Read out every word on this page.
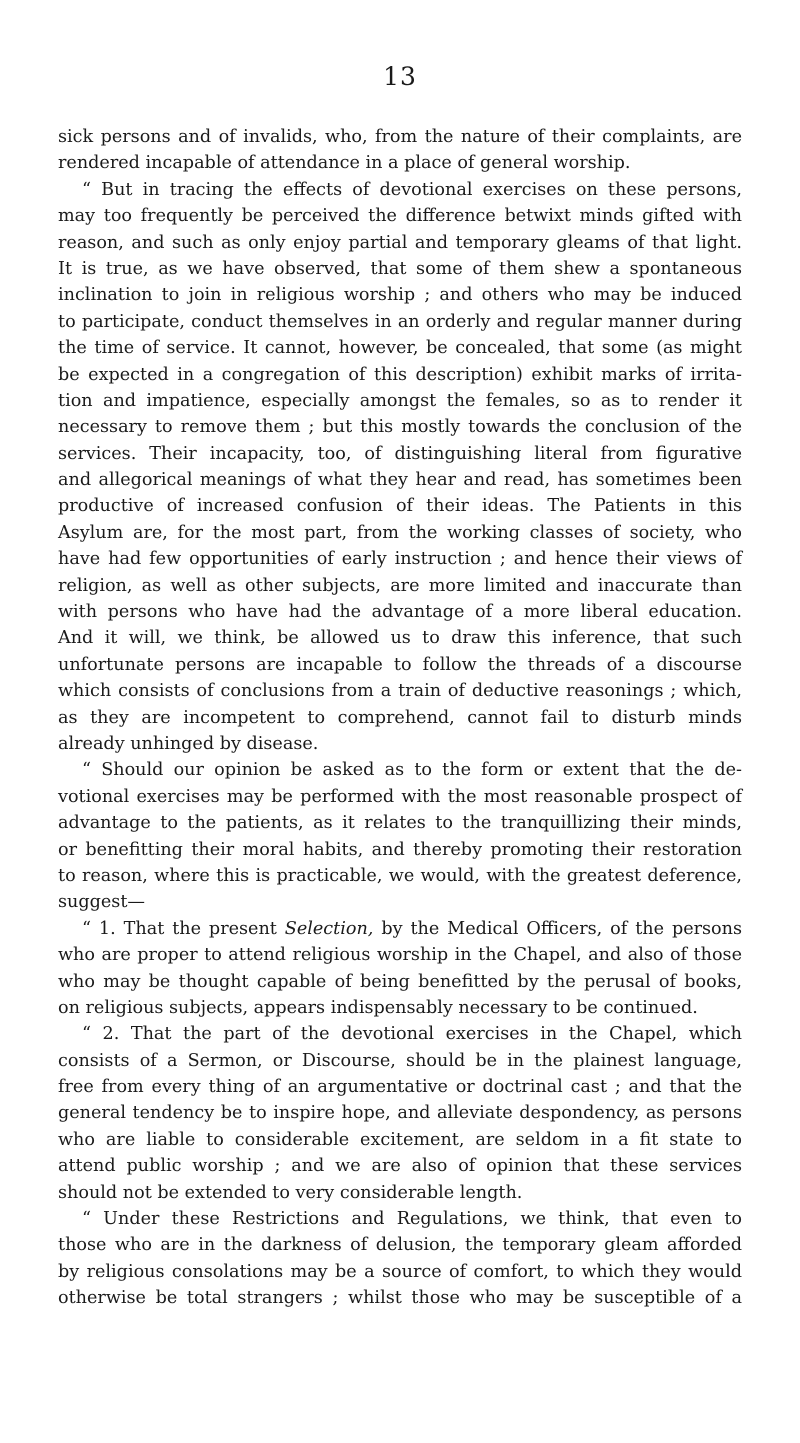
13
sick persons and of invalids, who, from the nature of their complaints, are
rendered incapable of attendance in a place of general worship.
“ But in tracing the effects of devotional exercises on these persons,
may too frequently be perceived the difference betwixt minds gifted with
reason, and such as only enjoy partial and temporary gleams of that light.
It is true, as we have observed, that some of them shew a spontaneous
inclination to join in religious worship ; and others who may be induced
to participate, conduct themselves in an orderly and regular manner during
the time of service. It cannot, however, be concealed, that some (as might
be expected in a congregation of this description) exhibit marks of irrita-
tion and impatience, especially amongst the females, so as to render it
necessary to remove them ; but this mostly towards the conclusion of the
services. Their incapacity, too, of distinguishing literal from figurative
and allegorical meanings of what they hear and read, has sometimes been
productive of increased confusion of their ideas. The Patients in this
Asylum are, for the most part, from the working classes of society, who
have had few opportunities of early instruction ; and hence their views of
religion, as well as other subjects, are more limited and inaccurate than
with persons who have had the advantage of a more liberal education.
And it will, we think, be allowed us to draw this inference, that such
unfortunate persons are incapable to follow the threads of a discourse
which consists of conclusions from a train of deductive reasonings ; which,
as they are incompetent to comprehend, cannot fail to disturb minds
already unhinged by disease.
“ Should our opinion be asked as to the form or extent that the de-
votional exercises may be performed with the most reasonable prospect of
advantage to the patients, as it relates to the tranquillizing their minds,
or benefitting their moral habits, and thereby promoting their restoration
to reason, where this is practicable, we would, with the greatest deference,
suggest—
“ 1. That the present Selection, by the Medical Officers, of the persons
who are proper to attend religious worship in the Chapel, and also of those
who may be thought capable of being benefitted by the perusal of books,
on religious subjects, appears indispensably necessary to be continued.
“ 2. That the part of the devotional exercises in the Chapel, which
consists of a Sermon, or Discourse, should be in the plainest language,
free from every thing of an argumentative or doctrinal cast ; and that the
general tendency be to inspire hope, and alleviate despondency, as persons
who are liable to considerable excitement, are seldom in a fit state to
attend public worship ; and we are also of opinion that these services
should not be extended to very considerable length.
“ Under these Restrictions and Regulations, we think, that even to
those who are in the darkness of delusion, the temporary gleam afforded
by religious consolations may be a source of comfort, to which they would
otherwise be total strangers ; whilst those who may be susceptible of a
